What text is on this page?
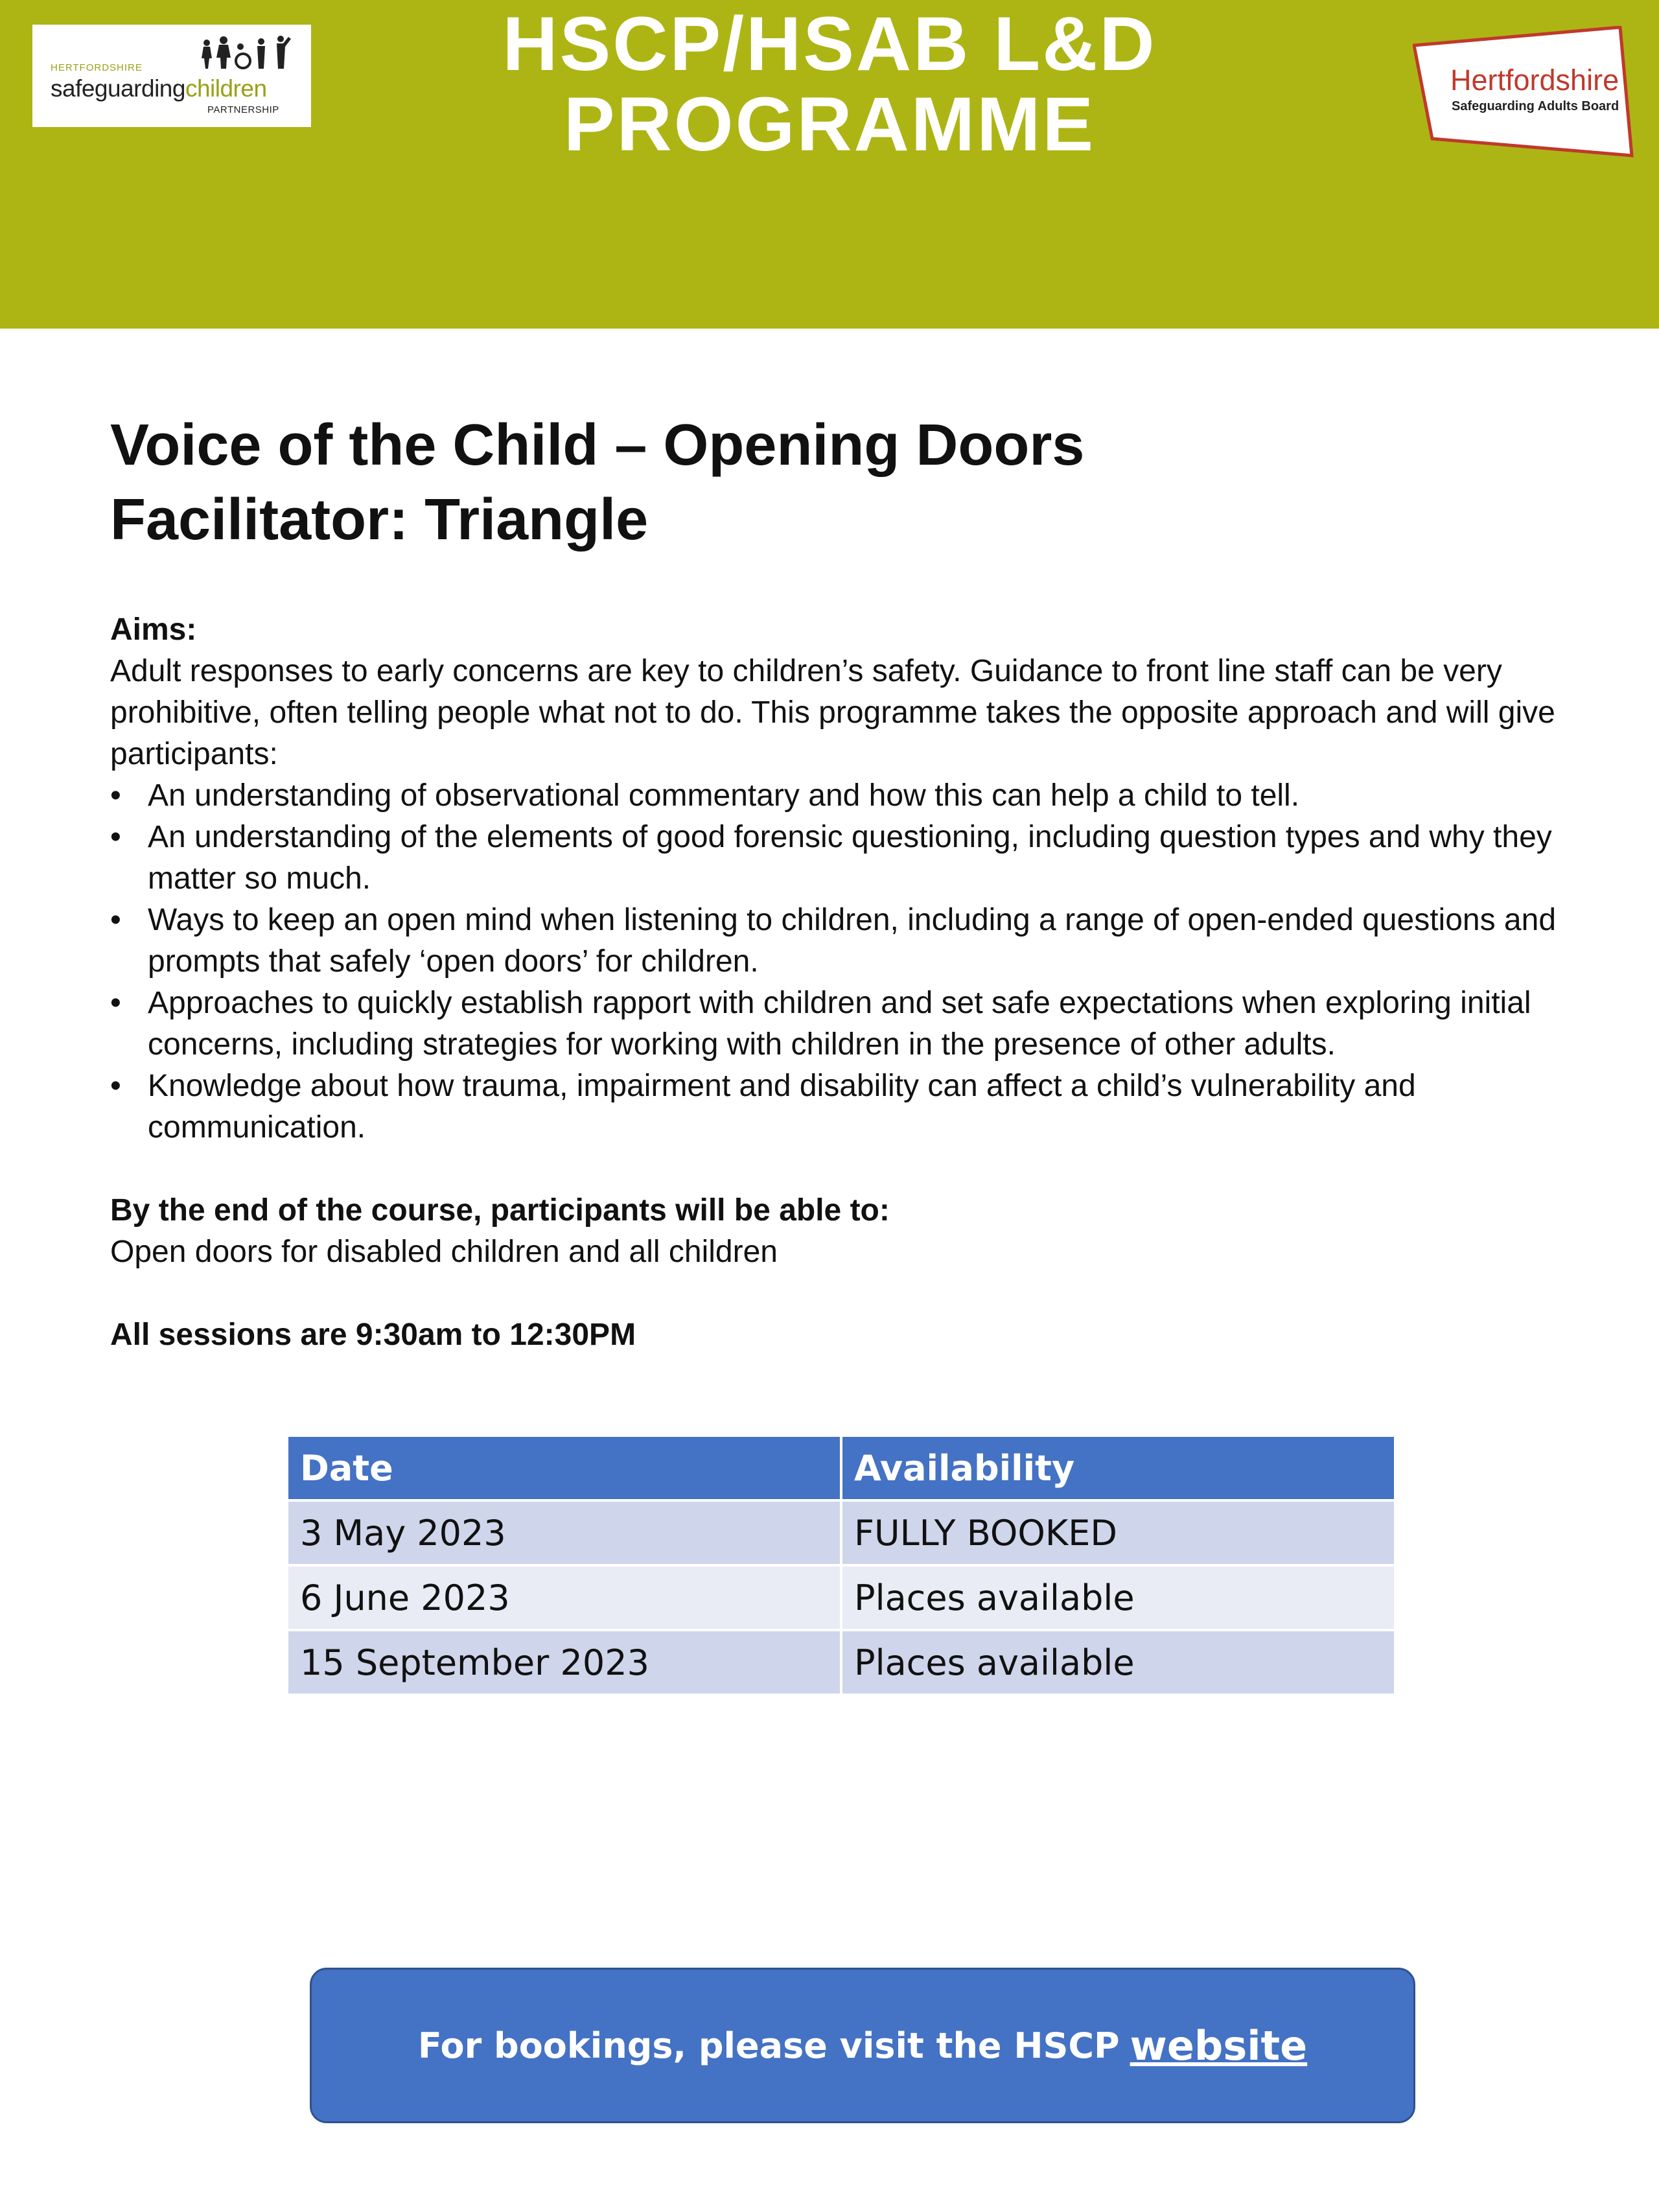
HERTFORDSHIRE
safeguardingchildren
PARTNERSHIP
HSCP/HSAB L&D
PROGRAMME
Hertfordshire
Safeguarding Adults Board
Voice of the Child – Opening Doors
Facilitator: Triangle

Aims:

Adult responses to early concerns are key to children’s safety. Guidance to front line staff can be very prohibitive, often telling people what not to do. This programme takes the opposite approach and will give participants:

• An understanding of observational commentary and how this can help a child to tell.
• An understanding of the elements of good forensic questioning, including question types and why they matter so much.
• Ways to keep an open mind when listening to children, including a range of open-ended questions and prompts that safely ‘open doors’ for children.
• Approaches to quickly establish rapport with children and set safe expectations when exploring initial concerns, including strategies for working with children in the presence of other adults.
• Knowledge about how trauma, impairment and disability can affect a child’s vulnerability and communication.

By the end of the course, participants will be able to:

Open doors for disabled children and all children

All sessions are 9:30am to 12:30PM

Date	Availability
3 May 2023	FULLY BOOKED
6 June 2023	Places available
15 September 2023	Places available
For bookings, please visit the HSCP website
